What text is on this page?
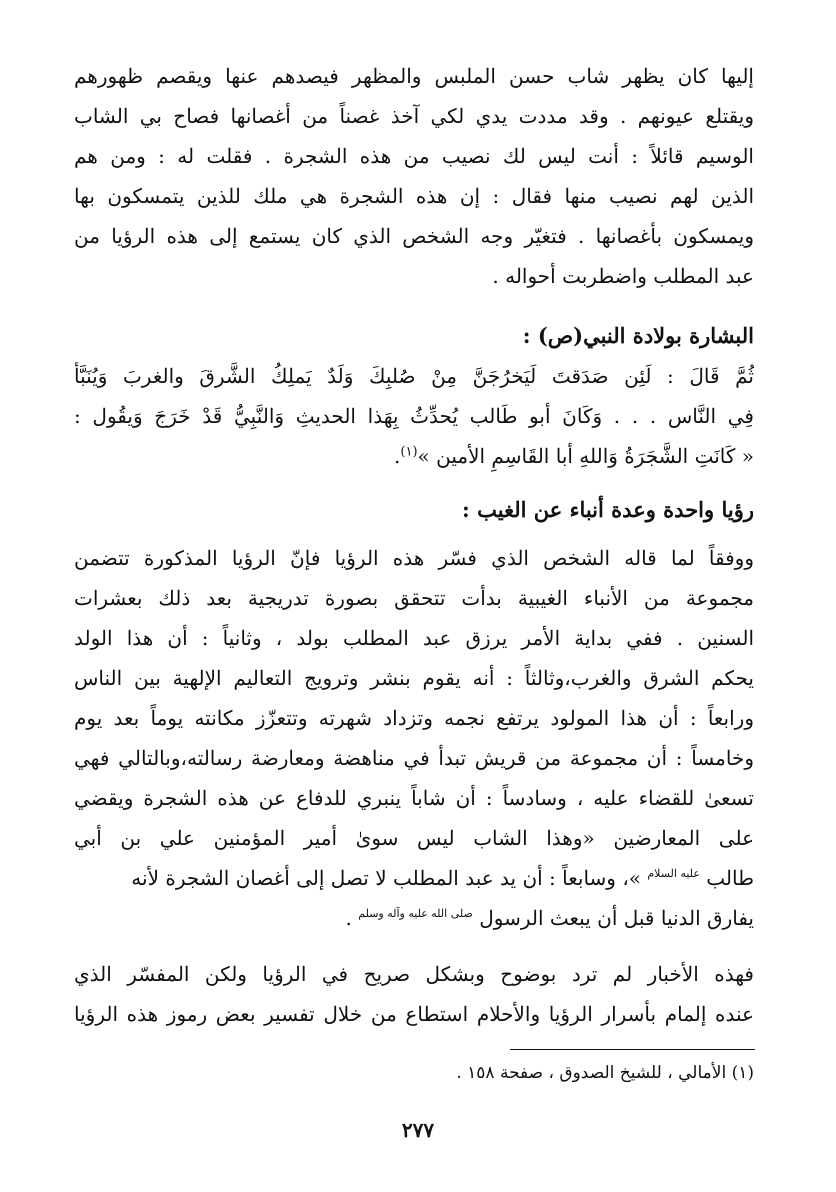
إليها كان يظهر شاب حسن الملبس والمظهر فيصدهم عنها ويقصم ظهورهم
ويقتلع عيونهم . وقد مددت يدي لكي آخذ غصناً من أغصانها فصاح بي الشاب
الوسيم قائلاً : أنت ليس لك نصيب من هذه الشجرة . فقلت له : ومن هم
الذين لهم نصيب منها فقال : إن هذه الشجرة هي ملك للذين يتمسكون بها
ويمسكون بأغصانها . فتغيّر وجه الشخص الذي كان يستمع إلى هذه الرؤيا من
عبد المطلب واضطربت أحواله .
البشارة بولادة النبي(ص) :
ثُمَّ قَالَ : لَئِن صَدَقتَ لَيَخرُجَنَّ مِنْ صُلبِكَ وَلَدٌ يَملِكُ الشَّرقَ والغربَ وَيُنَبَّأ
فِي النَّاس . . . وَكَانَ أبو طَالب يُحدِّثُ بِهَذا الحديثِ وَالنَّبِيُّ قَدْ خَرَجَ وَيقُول :
« كَانَتِ الشَّجَرَةُ وَاللهِ أبا القَاسِمِ الأمين »$^{(١)}$.
رؤيا واحدة وعدة أنباء عن الغيب :
ووفقاً لما قاله الشخص الذي فسّر هذه الرؤيا فإنّ الرؤيا المذكورة تتضمن
مجموعة من الأنباء الغيبية بدأت تتحقق بصورة تدريجية بعد ذلك بعشرات
السنين . ففي بداية الأمر يرزق عبد المطلب بولد ، وثانياً : أن هذا الولد
يحكم الشرق والغرب،وثالثاً : أنه يقوم بنشر وترويج التعاليم الإلهية بين الناس
ورابعاً : أن هذا المولود يرتفع نجمه وتزداد شهرته وتتعزّز مكانته يوماً بعد يوم
وخامساً : أن مجموعة من قريش تبدأ في مناهضة ومعارضة رسالته،وبالتالي فهي
تسعىٰ للقضاء عليه ، وسادساً : أن شاباً ينبري للدفاع عن هذه الشجرة ويقضي
على المعارضين «وهذا الشاب ليس سوىٰ أمير المؤمنين علي بن أبي
طالب عليه السلام »، وسابعاً : أن يد عبد المطلب لا تصل إلى أغصان الشجرة لأنه
يفارق الدنيا قبل أن يبعث الرسول صلى الله عليه وآله وسلم .
فهذه الأخبار لم ترد بوضوح وبشكل صريح في الرؤيا ولكن المفسّر الذي
عنده إلمام بأسرار الرؤيا والأحلام استطاع من خلال تفسير بعض رموز هذه الرؤيا
(١) الأمالي ، للشيخ الصدوق ، صفحة ١٥٨ .
٢٧٧
